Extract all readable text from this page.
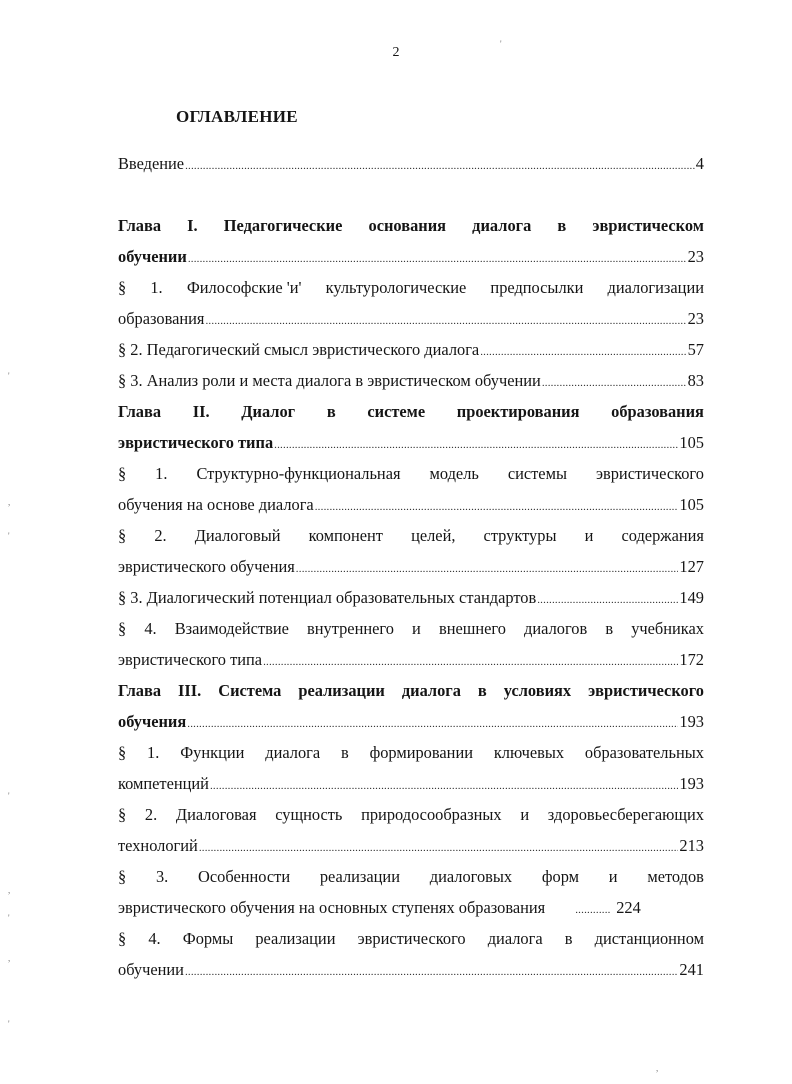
2
ОГЛАВЛЕНИЕ
Введение .....	4
Глава I. Педагогические основания диалога в эвристическом
обучении .....	23
§ 1. Философские 'и' культурологические предпосылки диалогизации
образования .....	23
§ 2. Педагогический смысл эвристического диалога .....	57
§ 3. Анализ роли и места диалога в эвристическом обучении .....	83
Глава II. Диалог в системе проектирования образования
эвристического типа .....	105
§ 1. Структурно-функциональная модель системы эвристического
обучения на основе диалога .....	105
§ 2. Диалоговый компонент целей, структуры и содержания
эвристического обучения .....	127
§ 3. Диалогический потенциал образовательных стандартов .....	149
§ 4. Взаимодействие внутреннего и внешнего диалогов в учебниках
эвристического типа .....	172
Глава III. Система реализации диалога в условиях эвристического
обучения .....	193
§ 1. Функции диалога в формировании ключевых образовательных
компетенций .....	193
§ 2. Диалоговая сущность природосообразных и здоровьесберегающих
технологий .....	213
§ 3. Особенности реализации диалоговых форм и методов
эвристического обучения на основных ступенях образования .....	224
§ 4. Формы реализации эвристического диалога в дистанционном
обучении .....	241
'
,
'
'
,
'
,
'
'
,
